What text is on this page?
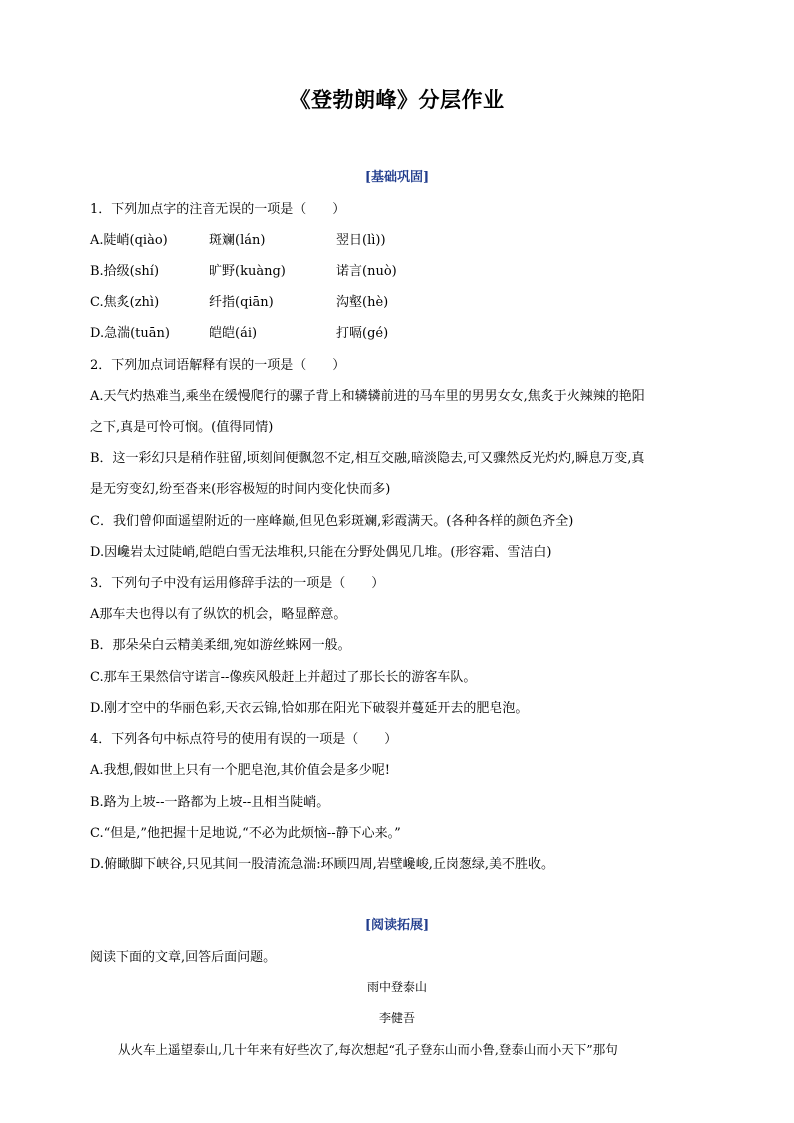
《登勃朗峰》分层作业
[基础巩固]
1．下列加点字的注音无误的一项是（　　）
A.陡峭(qiào)	斑斓(lán)	翌日(lì))
B.拾级(shí)	旷野(kuàng)	诺言(nuò)
C.焦炙(zhì)	纤指(qiān)	沟壑(hè)
D.急湍(tuān)	皑皑(ái)	打嗝(gé)
2．下列加点词语解释有误的一项是（　　）
A.天气灼热难当,乘坐在缓慢爬行的骡子背上和辚辚前进的马车里的男男女女,焦炙于火辣辣的艳阳
之下,真是可怜可悯。(值得同情)
B．这一彩幻只是稍作驻留,顷刻间便飘忽不定,相互交融,暗淡隐去,可又骤然反光灼灼,瞬息万变,真
是无穷变幻,纷至沓来(形容极短的时间内变化快而多)
C．我们曾仰面遥望附近的一座峰巅,但见色彩斑斓,彩霞满天。(各种各样的颜色齐全)
D.因巉岩太过陡峭,皑皑白雪无法堆积,只能在分野处偶见几堆。(形容霜、雪洁白)
3．下列句子中没有运用修辞手法的一项是（　　）
A那车夫也得以有了纵饮的机会，略显醉意。
B．那朵朵白云精美柔细,宛如游丝蛛网一般。
C.那车王果然信守诺言--像疾风般赶上并超过了那长长的游客车队。
D.刚才空中的华丽色彩,天衣云锦,恰如那在阳光下破裂并蔓延开去的肥皂泡。
4．下列各句中标点符号的使用有误的一项是（　　）
A.我想,假如世上只有一个肥皂泡,其价值会是多少呢!
B.路为上坡--一路都为上坡--且相当陡峭。
C.“但是,”他把握十足地说,“不必为此烦恼--静下心来。”
D.俯瞰脚下峡谷,只见其间一股清流急湍:环顾四周,岩壁巉峻,丘岗葱绿,美不胜收。
[阅读拓展]
阅读下面的文章,回答后面问题。
雨中登泰山
李健吾
从火车上遥望泰山,几十年来有好些次了,每次想起“孔子登东山而小鲁,登泰山而小天下”那句
